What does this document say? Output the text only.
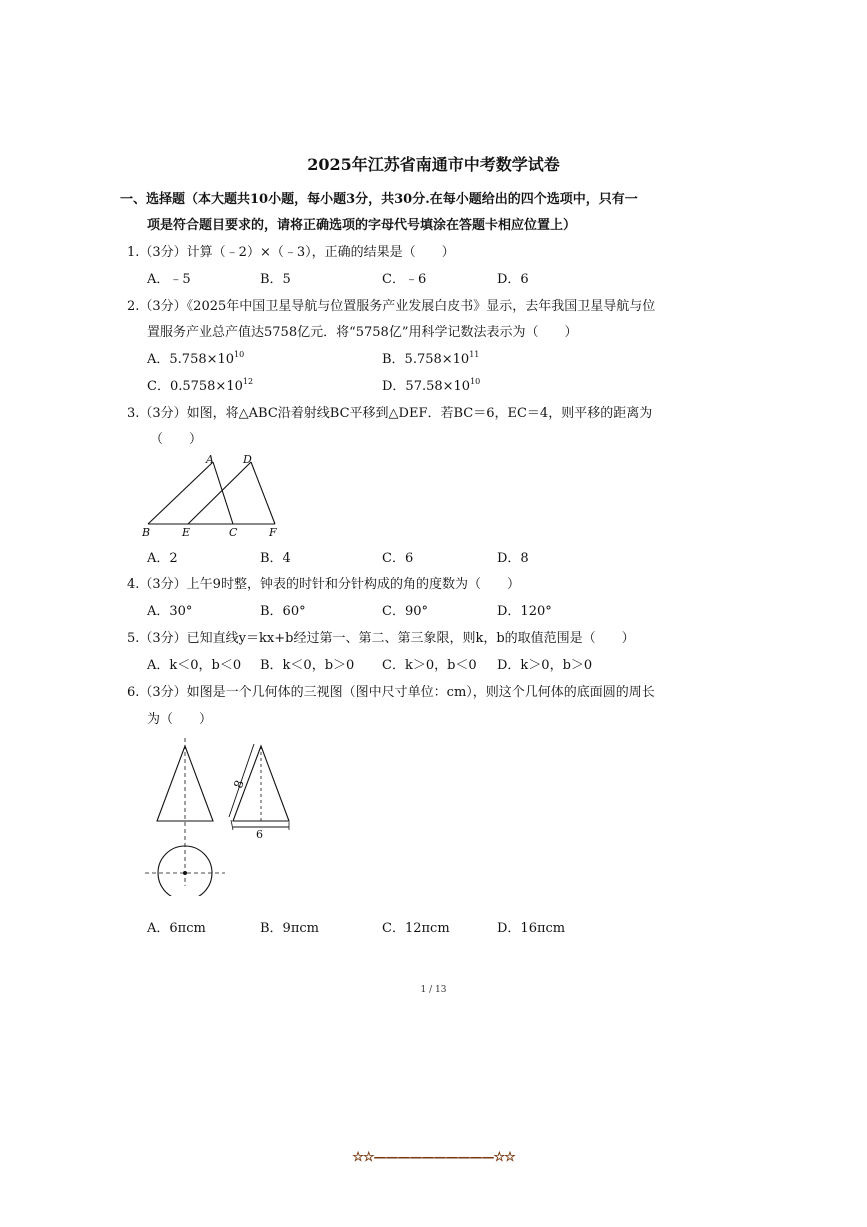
2025年江苏省南通市中考数学试卷
一、选择题（本大题共10小题，每小题3分，共30分.在每小题给出的四个选项中，只有一
项是符合题目要求的，请将正确选项的字母代号填涂在答题卡相应位置上）
1.（3分）计算（﹣2）×（﹣3），正确的结果是（　　）
A．﹣5	B．5	C．﹣6	D．6
2.（3分）《2025年中国卫星导航与位置服务产业发展白皮书》显示，去年我国卫星导航与位
置服务产业总产值达5758亿元．将“5758亿”用科学记数法表示为（　　）
A．$5.758\times 10^{10}$	B．$5.758\times 10^{11}$
C．$0.5758\times 10^{12}$	D．$57.58\times 10^{10}$
3.（3分）如图，将△ABC沿着射线BC平移到△DEF．若BC＝6，EC＝4，则平移的距离为
（　　）
A	D
B	E	C	F
A．2	B．4	C．6	D．8
4.（3分）上午9时整，钟表的时针和分针构成的角的度数为（　　）
A．30°	B．60°	C．90°	D．120°
5.（3分）已知直线y＝kx+b经过第一、第二、第三象限，则k，b的取值范围是（　　）
A．k＜0，b＜0 B．k＜0，b＞0 C．k＞0，b＜0 D．k＞0，b＞0
6.（3分）如图是一个几何体的三视图（图中尺寸单位：cm），则这个几何体的底面圆的周长
为（　　）
8
6
A．6πcm	B．9πcm	C．12πcm	D．16πcm
1 / 13
☆☆——————————☆☆
